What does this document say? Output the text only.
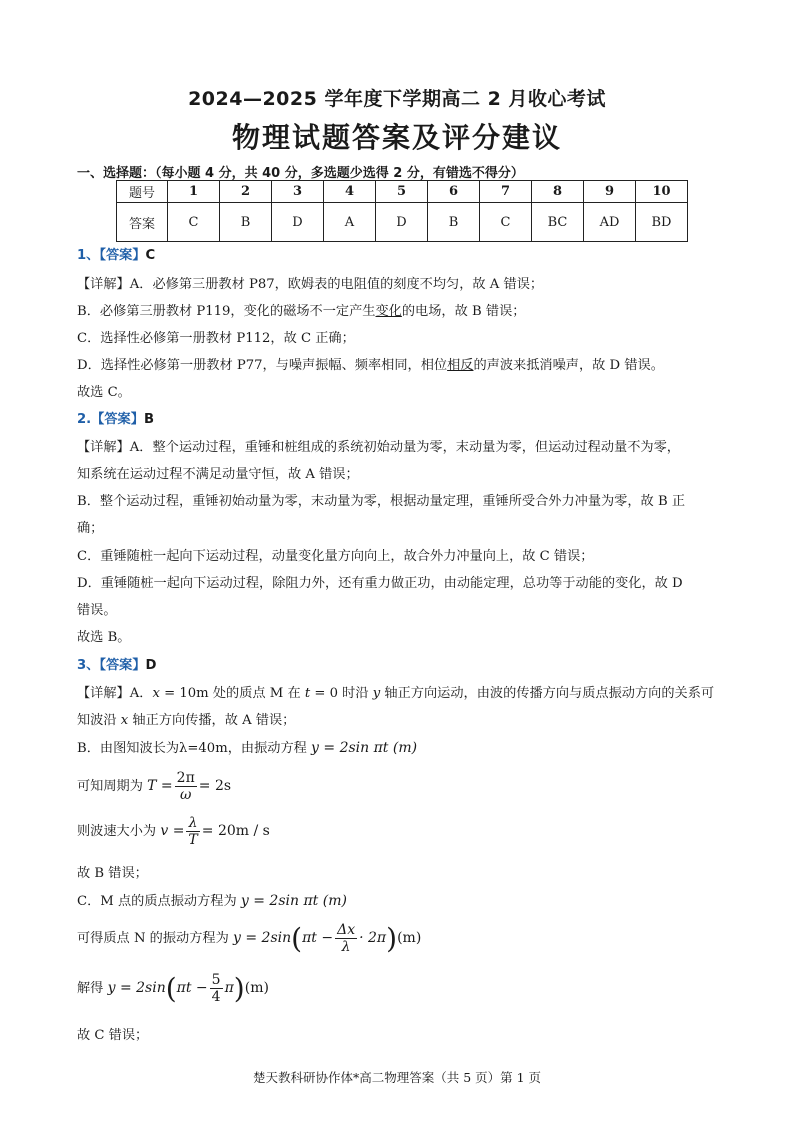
2024—2025 学年度下学期高二 2 月收心考试
物理试题答案及评分建议
一、选择题：（每小题 4 分，共 40 分，多选题少选得 2 分，有错选不得分）
题号	1	2	3	4	5	6	7	8	9	10
答案	C	B	D	A	D	B	C	BC	AD	BD
1、【答案】C
【详解】A．必修第三册教材 P87，欧姆表的电阻值的刻度不均匀，故 A 错误；
B．必修第三册教材 P119，变化的磁场不一定产生变化的电场，故 B 错误；
C．选择性必修第一册教材 P112，故 C 正确；
D．选择性必修第一册教材 P77，与噪声振幅、频率相同，相位相反的声波来抵消噪声，故 D 错误。
故选 C。
2.【答案】B
【详解】A．整个运动过程，重锤和桩组成的系统初始动量为零，末动量为零，但运动过程动量不为零，
知系统在运动过程不满足动量守恒，故 A 错误；
B．整个运动过程，重锤初始动量为零，末动量为零，根据动量定理，重锤所受合外力冲量为零，故 B 正
确；
C．重锤随桩一起向下运动过程，动量变化量方向向上，故合外力冲量向上，故 C 错误；
D．重锤随桩一起向下运动过程，除阻力外，还有重力做正功，由动能定理，总功等于动能的变化，故 D
错误。
故选 B。
3、【答案】D
【详解】A．x = 10m 处的质点 M 在 t = 0 时沿 y 轴正方向运动，由波的传播方向与质点振动方向的关系可
知波沿 x 轴正方向传播，故 A 错误；
B．由图知波长为λ=40m，由振动方程 y = 2sin πt (m)
可知周期为 $T = \frac{2\pi}{\omega} = 2s$
则波速大小为 $v = \frac{\lambda}{T} = 20m / s$
故 B 错误；
C．M 点的质点振动方程为 y = 2sin πt (m)
可得质点 N 的振动方程为 $y = 2\sin(\pi t - \frac{\Delta x}{\lambda} \cdot 2\pi)(m)$
解得 $y = 2\sin(\pi t - \frac{5}{4} \pi)(m)$
故 C 错误；
楚天教科研协作体*高二物理答案（共 5 页）第 1 页
